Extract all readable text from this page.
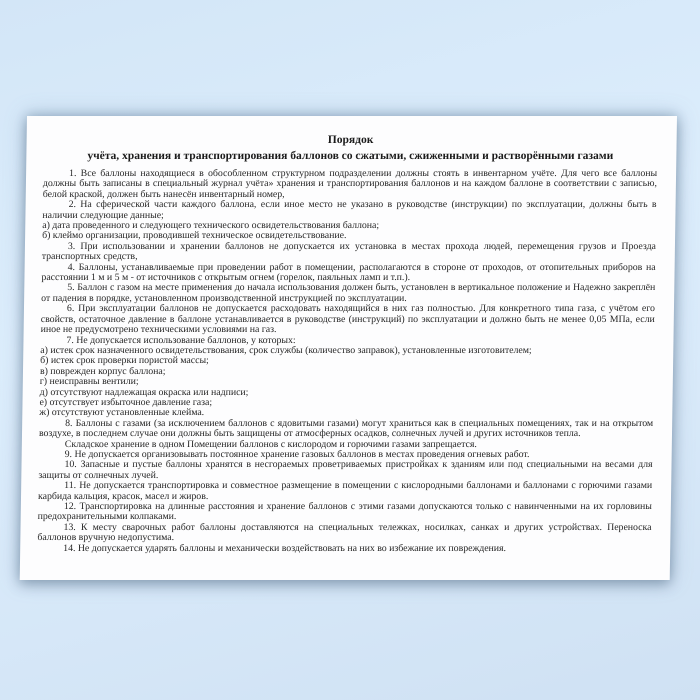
Порядок

учёта, хранения и транспортирования баллонов со сжатыми, сжиженными и растворёнными газами

1. Все баллоны находящиеся в обособленном структурном подразделении должны стоять в инвентарном учёте. Для чего все баллоны должны быть записаны в специальный журнал учёта» хранения и транспортирования баллонов и на каждом баллоне в соответствии с записью, белой краской, должен быть нанесён инвентарный номер,

2. На сферической части каждого баллона, если иное место не указано в руководстве (инструкции) по эксплуатации, должны быть в наличии следующие данные;

а) дата проведенного и следующего технического освидетельствования баллона;

б) клеймо организации, проводившей техническое освидетельствование.

3. При использовании и хранении баллонов не допускается их установка в местах прохода людей, перемещения грузов и Проезда транспортных средств,

4. Баллоны, устанавливаемые при проведении работ в помещении, располагаются в стороне от проходов, от отопительных приборов на расстоянии 1 м и 5 м - от источников с открытым огнем (горелок, паяльных ламп и т.п.).

5. Баллон с газом на месте применения до начала использования должен быть, установлен в вертикальное положение и Надежно закреплён от падения в порядке, установленном производственной инструкцией по эксплуатации.

6. При эксплуатации баллонов не допускается расходовать находящийся в них газ полностью. Для конкретного типа газа, с учётом его свойств, остаточное давление в баллоне устанавливается в руководстве (инструкций) по эксплуатации и должно быть не менее 0,05 МПа, если иное не предусмотрено техническими условиями на газ.

7. Не допускается использование баллонов, у которых:

а) истек срок назначенного освидетельствования, срок службы (количество заправок), установленные изготовителем;

б) истек срок проверки пористой массы;

в) поврежден корпус баллона;

г) неисправны вентили;

д) отсутствуют надлежащая окраска или надписи;

е) отсутствует избыточное давление газа;

ж) отсутствуют установленные клейма.

8. Баллоны с газами (за исключением баллонов с ядовитыми газами) могут храниться как в специальных помещениях, так и на открытом воздухе, в последнем случае они должны быть защищены от атмосферных осадков, солнечных лучей и других источников тепла.

Складское хранение в одном Помещении баллонов с кислородом и горючими газами запрещается.

9. Не допускается организовывать постоянное хранение газовых баллонов в местах проведения огневых работ.

10. Запасные и пустые баллоны хранятся в несгораемых проветриваемых пристройках к зданиям или под специальными на весами для защиты от солнечных лучей.

11. Не допускается транспортировка и совместное размещение в помещении с кислородными баллонами и баллонами с горючими газами карбида кальция, красок, масел и жиров.

12. Транспортировка на длинные расстояния и хранение баллонов с этими газами допускаются только с навинченными на их горловины предохранительными колпаками.

13. К месту сварочных работ баллоны доставляются на специальных тележках, носилках, санках и других устройствах. Переноска баллонов вручную недопустима.

14. Не допускается ударять баллоны и механически воздействовать на них во избежание их повреждения.
